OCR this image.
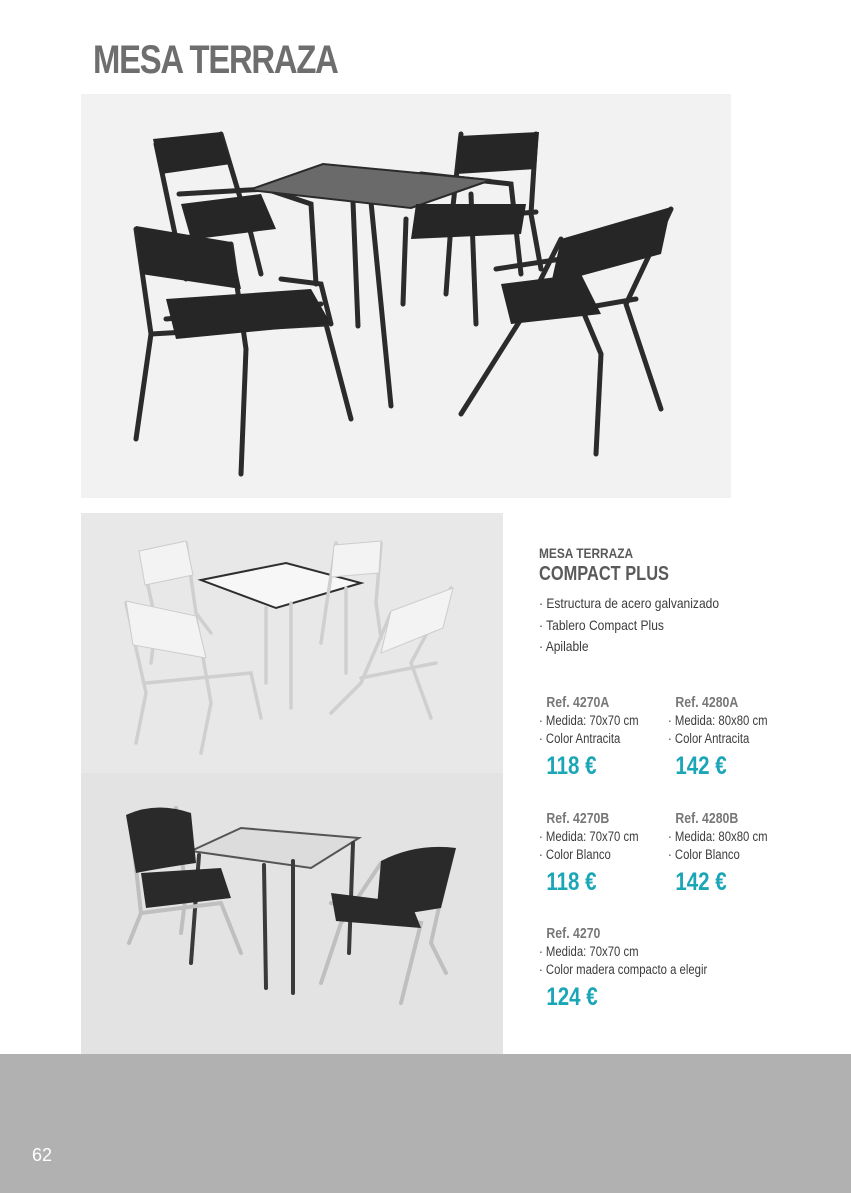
MESA TERRAZA
MESA TERRAZA
COMPACT PLUS
· Estructura de acero galvanizado
· Tablero Compact Plus
· Apilable
Ref. 4270A
· Medida: 70x70 cm
· Color Antracita
118 €
Ref. 4280A
· Medida: 80x80 cm
· Color Antracita
142 €
Ref. 4270B
· Medida: 70x70 cm
· Color Blanco
118 €
Ref. 4280B
· Medida: 80x80 cm
· Color Blanco
142 €
Ref. 4270
· Medida: 70x70 cm
· Color madera compacto a elegir
124 €
62
